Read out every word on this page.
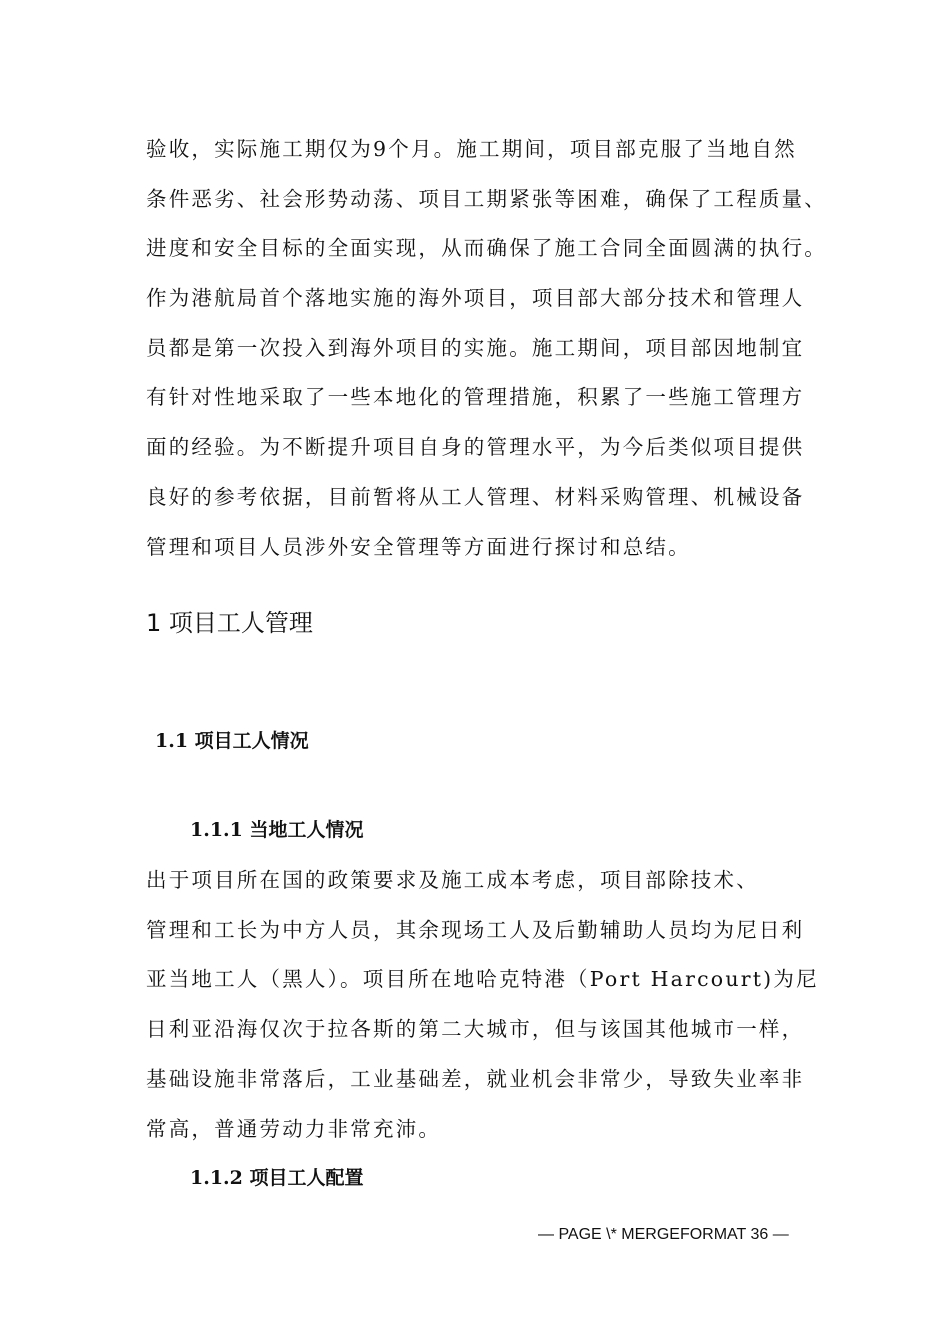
验收，实际施工期仅为9个月。施工期间，项目部克服了当地自然
条件恶劣、社会形势动荡、项目工期紧张等困难，确保了工程质量、
进度和安全目标的全面实现，从而确保了施工合同全面圆满的执行。
作为港航局首个落地实施的海外项目，项目部大部分技术和管理人
员都是第一次投入到海外项目的实施。施工期间，项目部因地制宜
有针对性地采取了一些本地化的管理措施，积累了一些施工管理方
面的经验。为不断提升项目自身的管理水平，为今后类似项目提供
良好的参考依据，目前暂将从工人管理、材料采购管理、机械设备
管理和项目人员涉外安全管理等方面进行探讨和总结。
1 项目工人管理
1.1 项目工人情况
1.1.1 当地工人情况
出于项目所在国的政策要求及施工成本考虑，项目部除技术、
管理和工长为中方人员，其余现场工人及后勤辅助人员均为尼日利
亚当地工人（黑人）。项目所在地哈克特港（Port Harcourt)为尼
日利亚沿海仅次于拉各斯的第二大城市，但与该国其他城市一样，
基础设施非常落后，工业基础差，就业机会非常少，导致失业率非
常高，普通劳动力非常充沛。
1.1.2 项目工人配置
— PAGE \* MERGEFORMAT 36 —
